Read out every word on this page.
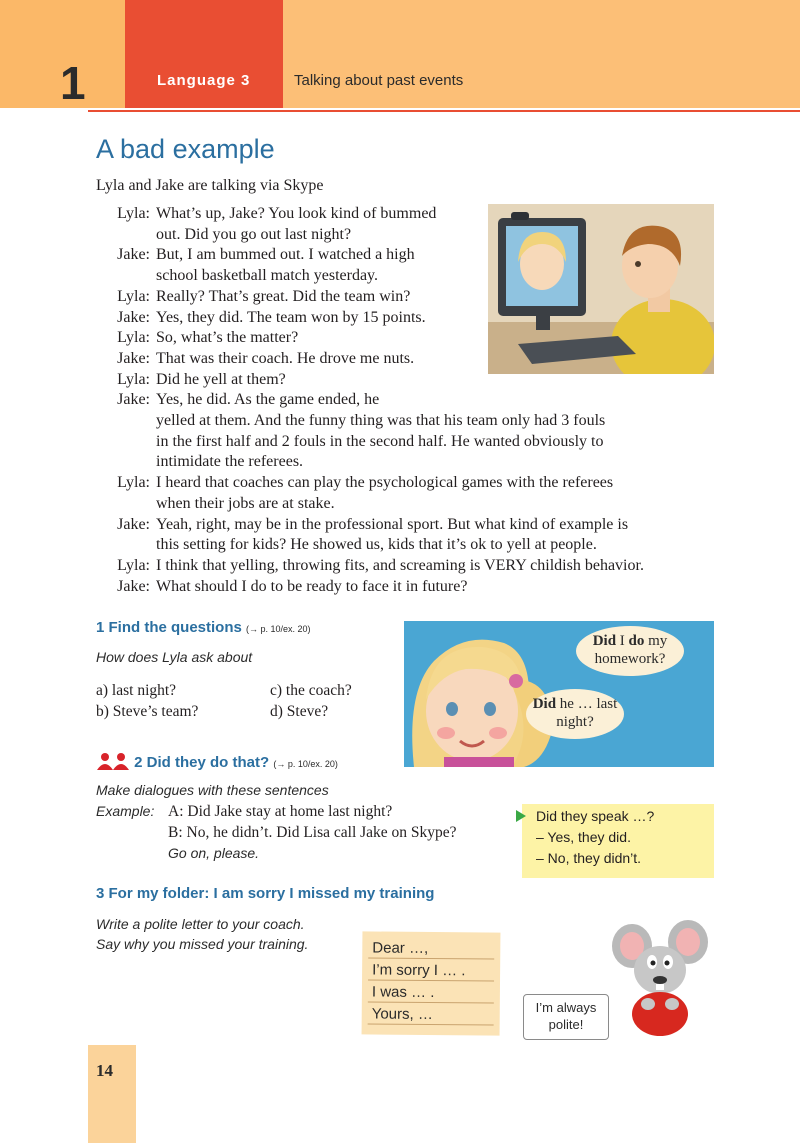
1	Language 3	Talking about past events
A bad example
Lyla and Jake are talking via Skype
Lyla: What’s up, Jake? You look kind of bummed
out. Did you go out last night?
Jake: But, I am bummed out. I watched a high
school basketball match yesterday.
Lyla: Really? That’s great. Did the team win?
Jake: Yes, they did. The team won by 15 points.
Lyla: So, what’s the matter?
Jake: That was their coach. He drove me nuts.
Lyla: Did he yell at them?
Jake: Yes, he did. As the game ended, he
yelled at them. And the funny thing was that his team only had 3 fouls
in the first half and 2 fouls in the second half. He wanted obviously to
intimidate the referees.
Lyla: I heard that coaches can play the psychological games with the referees
when their jobs are at stake.
Jake: Yeah, right, may be in the professional sport. But what kind of example is
this setting for kids? He showed us, kids that it’s ok to yell at people.
Lyla: I think that yelling, throwing fits, and screaming is VERY childish behavior.
Jake: What should I do to be ready to face it in future?
1 Find the questions (→ p. 10/ex. 20)
How does Lyla ask about
a) last night?
b) Steve’s team?
c) the coach?
d) Steve?
Did I do my
homework?
Did he … last
night?
2 Did they do that? (→ p. 10/ex. 20)
Make dialogues with these sentences
Example: A: Did Jake stay at home last night?
B: No, he didn’t. Did Lisa call Jake on Skype?
Go on, please.
Did they speak …?
– Yes, they did.
– No, they didn’t.
3 For my folder: I am sorry I missed my training
Write a polite letter to your coach.
Say why you missed your training.	Dear …,
I’m sorry I … .
I was … .
Yours, …	I’m always polite!
14
